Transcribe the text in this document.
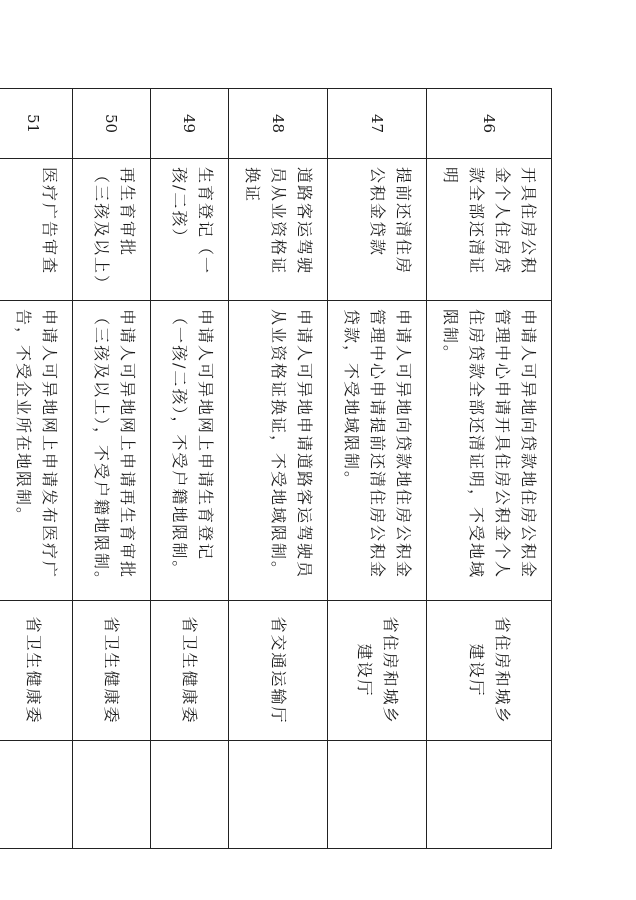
46	开具住房公积金个人住房贷款全部还清证明	申请人可异地向贷款地住房公积金管理中心申请开具住房公积金个人住房贷款全部还清证明，不受地域限制。	省住房和城乡建设厅	
47	提前还清住房公积金贷款	申请人可异地向贷款地住房公积金管理中心申请提前还清住房公积金贷款，不受地域限制。	省住房和城乡建设厅	
48	道路客运驾驶员从业资格证换证	申请人可异地申请道路客运驾驶员从业资格证换证，不受地域限制。	省交通运输厅	
49	生育登记（一孩/二孩）	申请人可异地网上申请生育登记（一孩/二孩），不受户籍地限制。	省卫生健康委	
50	再生育审批（三孩及以上）	申请人可异地网上申请再生育审批（三孩及以上），不受户籍地限制。	省卫生健康委	
51	医疗广告审查	申请人可异地网上申请发布医疗广告，不受企业所在地限制。	省卫生健康委	
